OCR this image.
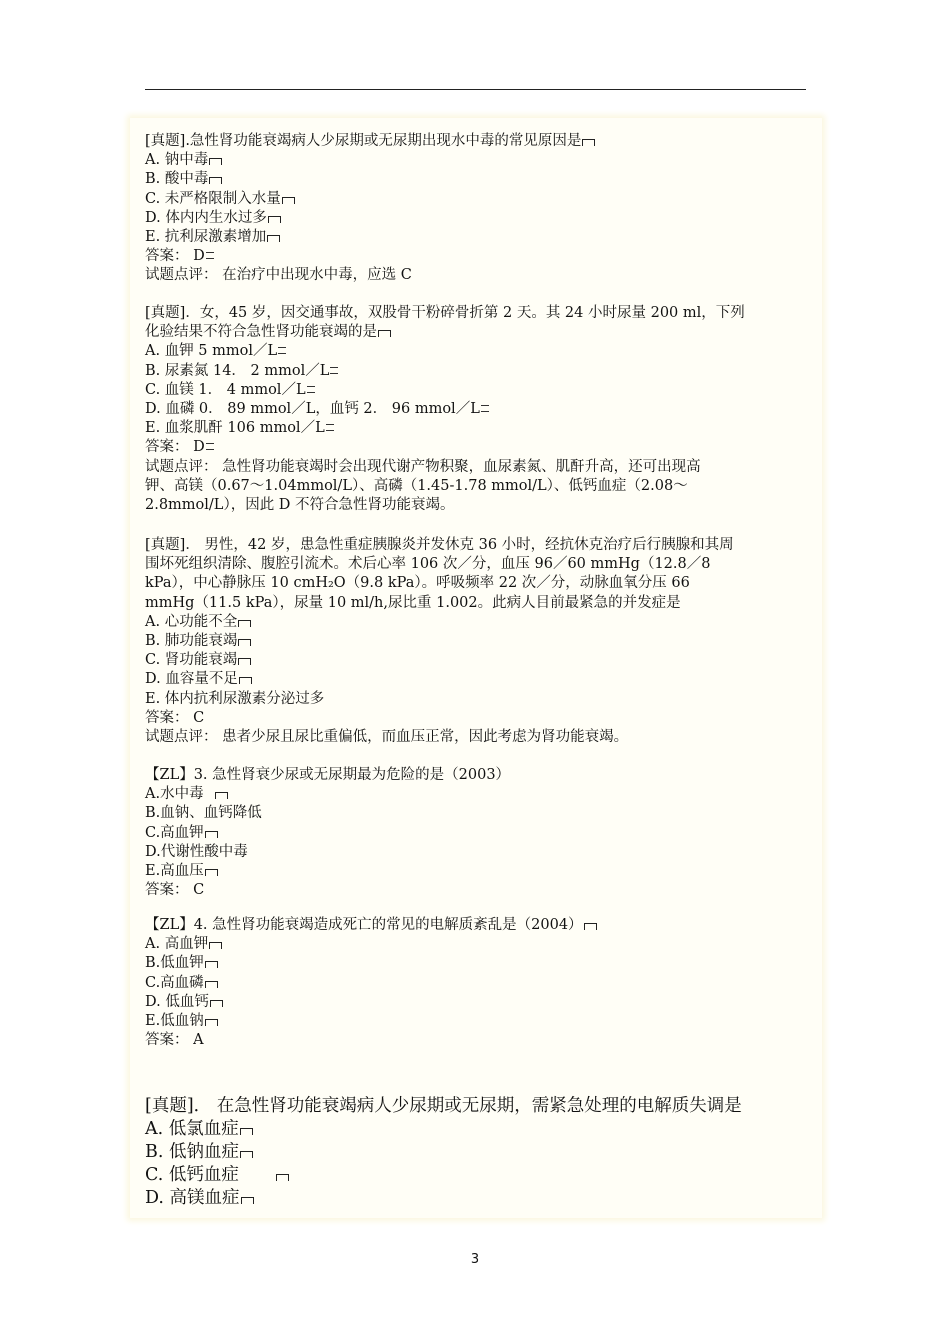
[真题].急性肾功能衰竭病人少尿期或无尿期出现水中毒的常见原因是
A. 钠中毒
B. 酸中毒
C. 未严格限制入水量
D. 体内内生水过多
E. 抗利尿激素增加
答案： D
试题点评： 在治疗中出现水中毒，应选 C
[真题]．女，45 岁，因交通事故，双股骨干粉碎骨折第 2 天。其 24 小时尿量 200 ml，下列
化验结果不符合急性肾功能衰竭的是
A. 血钾 5 mmol／L
B. 尿素氮 14． 2 mmol／L
C. 血镁 1． 4 mmol／L
D. 血磷 0． 89 mmol／L，血钙 2． 96 mmol／L
E. 血浆肌酐 106 mmol／L
答案： D
试题点评： 急性肾功能衰竭时会出现代谢产物积聚，血尿素氮、肌酐升高，还可出现高
钾、高镁（0.67～1.04mmol/L）、高磷（1.45-1.78 mmol/L）、低钙血症（2.08～
2.8mmol/L），因此 D 不符合急性肾功能衰竭。
[真题]． 男性，42 岁，患急性重症胰腺炎并发休克 36 小时，经抗休克治疗后行胰腺和其周
围坏死组织清除、腹腔引流术。术后心率 106 次／分，血压 96／60 mmHg（12.8／8
kPa），中心静脉压 10 cmH₂O（9.8 kPa）。呼吸频率 22 次／分，动脉血氧分压 66
mmHg（11.5 kPa），尿量 10 ml/h,尿比重 1.002。此病人目前最紧急的并发症是
A. 心功能不全
B. 肺功能衰竭
C. 肾功能衰竭
D. 血容量不足
E. 体内抗利尿激素分泌过多
答案： C
试题点评： 患者少尿且尿比重偏低，而血压正常，因此考虑为肾功能衰竭。
【ZL】3. 急性肾衰少尿或无尿期最为危险的是（2003）
A.水中毒
B.血钠、血钙降低
C.高血钾
D.代谢性酸中毒
E.高血压
答案： C
【ZL】4. 急性肾功能衰竭造成死亡的常见的电解质紊乱是（2004）
A. 高血钾
B.低血钾
C.高血磷
D. 低血钙
E.低血钠
答案： A
[真题]． 在急性肾功能衰竭病人少尿期或无尿期，需紧急处理的电解质失调是
A. 低氯血症
B. 低钠血症
C. 低钙血症
D. 高镁血症
3
